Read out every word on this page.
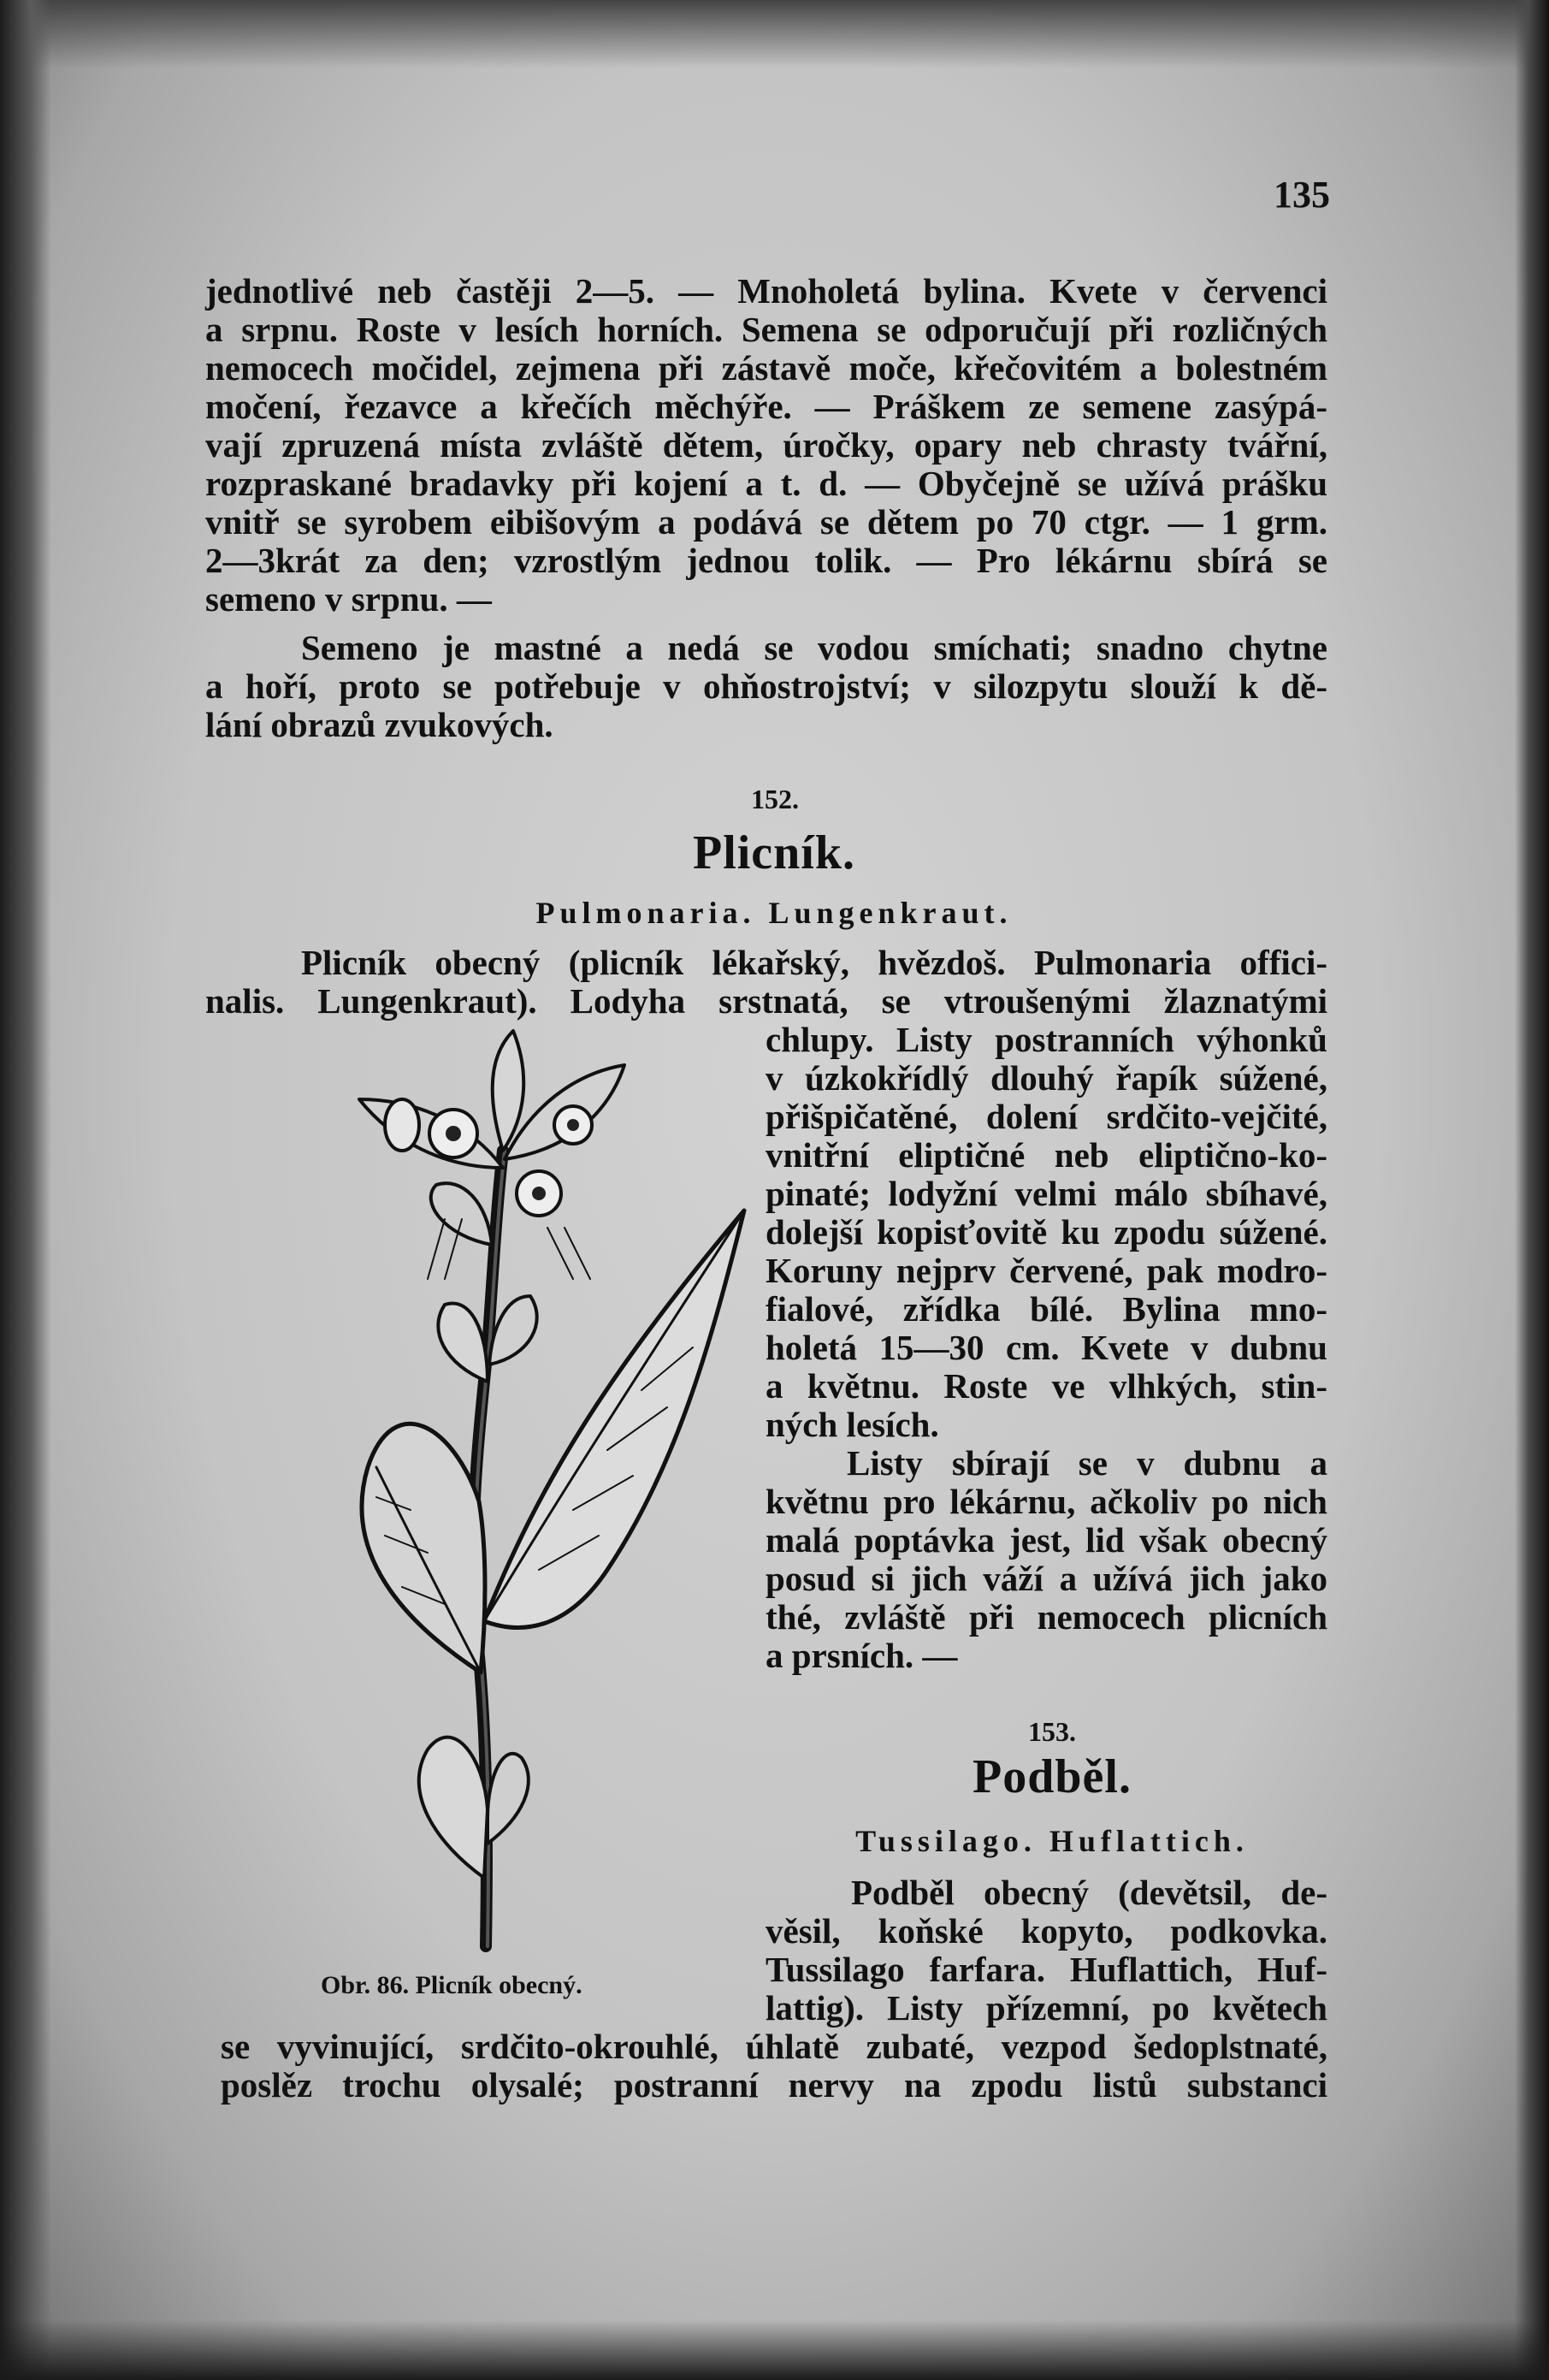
135
jednotlivé neb častěji 2—5. — Mnoholetá bylina. Kvete v červenci
a srpnu. Roste v lesích horních. Semena se odporučují při rozličných
nemocech močidel, zejmena při zástavě moče, křečovitém a bolestném
močení, řezavce a křečích měchýře. — Práškem ze semene zasýpá-
vají zpruzená místa zvláště dětem, úročky, opary neb chrasty tvářní,
rozpraskané bradavky při kojení a t. d. — Obyčejně se užívá prášku
vnitř se syrobem eibišovým a podává se dětem po 70 ctgr. — 1 grm.
2—3krát za den; vzrostlým jednou tolik. — Pro lékárnu sbírá se
semeno v srpnu. —
Semeno je mastné a nedá se vodou smíchati; snadno chytne
a hoří, proto se potřebuje v ohňostrojství; v silozpytu slouží k dě-
lání obrazů zvukových.
152.
Plicník.
Pulmonaria. Lungenkraut.
Plicník obecný (plicník lékařský, hvězdoš. Pulmonaria offici-
nalis. Lungenkraut). Lodyha srstnatá, se vtroušenými žlaznatými
chlupy. Listy postranních výhonků
v úzkokřídlý dlouhý řapík súžené,
přišpičatěné, dolení srdčito-vejčité,
vnitřní eliptičné neb eliptično-ko-
pinaté; lodyžní velmi málo sbíhavé,
dolejší kopisťovitě ku zpodu súžené.
Koruny nejprv červené, pak modro-
fialové, zřídka bílé. Bylina mno-
holetá 15—30 cm. Kvete v dubnu
a květnu. Roste ve vlhkých, stin-
ných lesích.
Listy sbírají se v dubnu a
květnu pro lékárnu, ačkoliv po nich
malá poptávka jest, lid však obecný
posud si jich váží a užívá jich jako
thé, zvláště při nemocech plicních
a prsních. —
153.
Podběl.
Tussilago. Huflattich.
Podběl obecný (devětsil, de-
věsil, koňské kopyto, podkovka.
Tussilago farfara. Huflattich, Huf-
lattig). Listy přízemní, po květech
se vyvinující, srdčito-okrouhlé, úhlatě zubaté, vezpod šedoplstnaté,
poslěz trochu olysalé; postranní nervy na zpodu listů substanci
Obr. 86. Plicník obecný.
